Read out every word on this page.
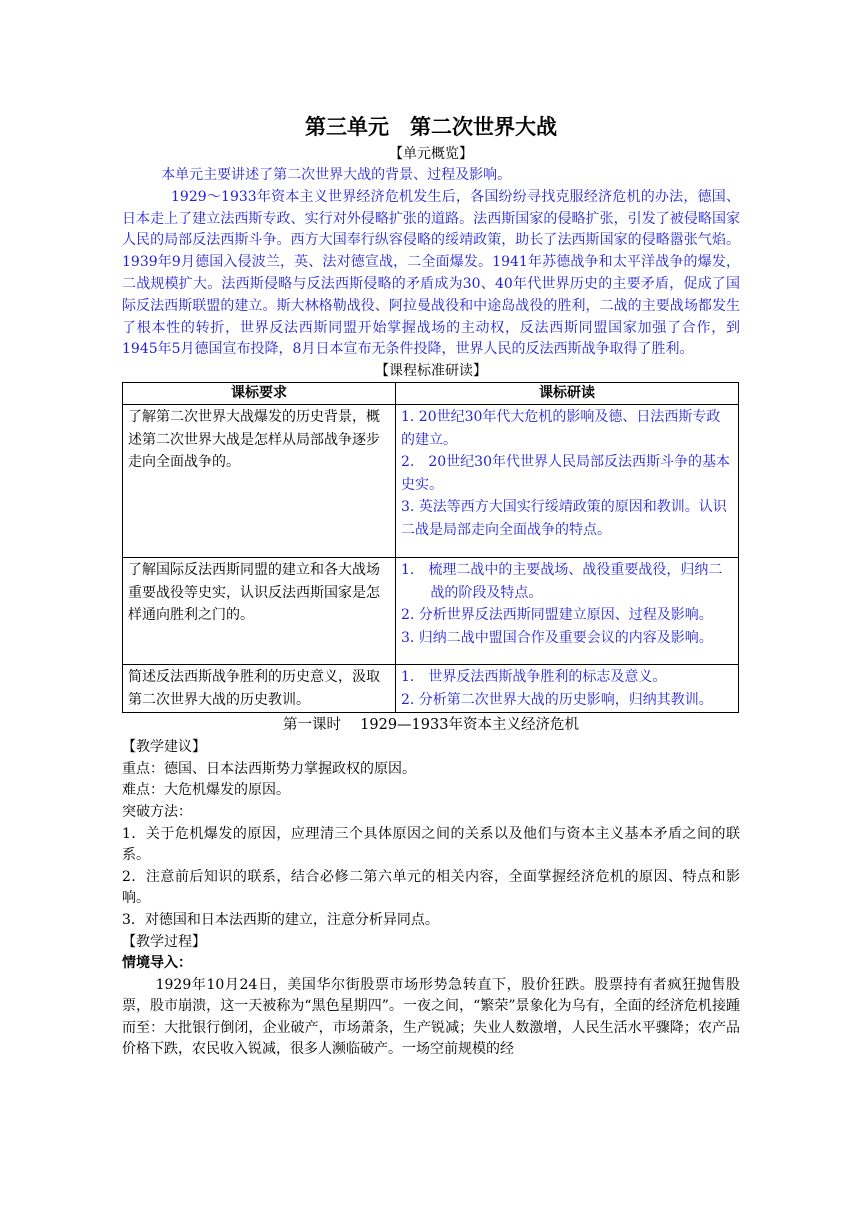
第三单元　第二次世界大战

【单元概览】

本单元主要讲述了第二次世界大战的背景、过程及影响。

1929～1933年资本主义世界经济危机发生后，各国纷纷寻找克服经济危机的办法，德国、日本走上了建立法西斯专政、实行对外侵略扩张的道路。法西斯国家的侵略扩张，引发了被侵略国家人民的局部反法西斯斗争。西方大国奉行纵容侵略的绥靖政策，助长了法西斯国家的侵略嚣张气焰。1939年9月德国入侵波兰，英、法对德宣战，二全面爆发。1941年苏德战争和太平洋战争的爆发，二战规模扩大。法西斯侵略与反法西斯侵略的矛盾成为30、40年代世界历史的主要矛盾，促成了国际反法西斯联盟的建立。斯大林格勒战役、阿拉曼战役和中途岛战役的胜利，二战的主要战场都发生了根本性的转折，世界反法西斯同盟开始掌握战场的主动权，反法西斯同盟国家加强了合作，到1945年5月德国宣布投降，8月日本宣布无条件投降，世界人民的反法西斯战争取得了胜利。

【课程标准研读】

课标要求	课标研读
了解第二次世界大战爆发的历史背景，概述第二次世界大战是怎样从局部战争逐步走向全面战争的。	1. 20世纪30年代大危机的影响及德、日法西斯专政的建立。

2.　20世纪30年代世界人民局部反法西斯斗争的基本史实。

3. 英法等西方大国实行绥靖政策的原因和教训。认识二战是局部走向全面战争的特点。

了解国际反法西斯同盟的建立和各大战场重要战役等史实，认识反法西斯国家是怎样通向胜利之门的。	1.　梳理二战中的主要战场、战役重要战役，归纳二战的阶段及特点。

2. 分析世界反法西斯同盟建立原因、过程及影响。

3. 归纳二战中盟国合作及重要会议的内容及影响。

简述反法西斯战争胜利的历史意义，汲取第二次世界大战的历史教训。	1.　世界反法西斯战争胜利的标志及意义。

2. 分析第二次世界大战的历史影响，归纳其教训。

第一课时　 1929—1933年资本主义经济危机

【教学建议】

重点：德国、日本法西斯势力掌握政权的原因。

难点：大危机爆发的原因。

突破方法：

1．关于危机爆发的原因，应理清三个具体原因之间的关系以及他们与资本主义基本矛盾之间的联系。

2．注意前后知识的联系，结合必修二第六单元的相关内容，全面掌握经济危机的原因、特点和影响。

3．对德国和日本法西斯的建立，注意分析异同点。

【教学过程】

情境导入：

1929年10月24日，美国华尔街股票市场形势急转直下，股价狂跌。股票持有者疯狂抛售股票，股市崩溃，这一天被称为“黑色星期四”。一夜之间，“繁荣”景象化为乌有，全面的经济危机接踵而至：大批银行倒闭，企业破产，市场萧条，生产锐减；失业人数激增，人民生活水平骤降；农产品价格下跌，农民收入锐减，很多人濒临破产。一场空前规模的经
